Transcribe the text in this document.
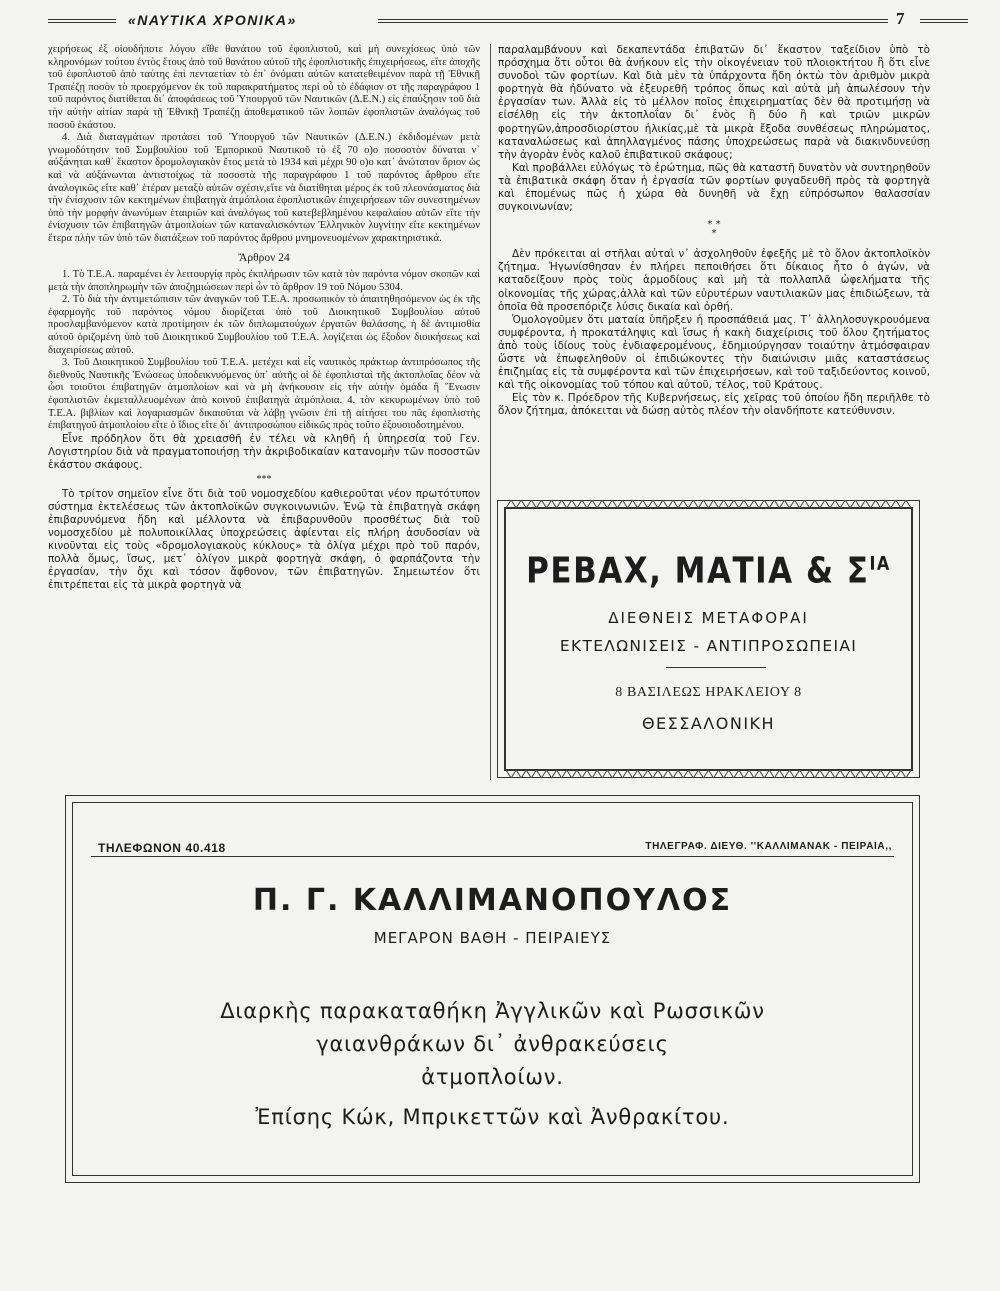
«ΝΑΥΤΙΚΑ ΧΡΟΝΙΚΑ»	7

χειρήσεως ἐξ οἱουδήποτε λόγου εἴθε θανάτου τοῦ ἐφοπλιστοῦ, καὶ μὴ συνεχίσεως ὑπὸ τῶν κληρονόμων τούτου ἐντὸς ἔτους ἀπὸ τοῦ θανάτου αὐτοῦ τῆς ἐφοπλιστικῆς ἐπιχειρήσεως, εἴτε ἀποχῆς τοῦ ἐφοπλιστοῦ ἀπὸ ταύτης ἐπὶ πενταετίαν τὸ ἐπ᾽ ὀνόματι αὐτῶν κατατεθειμένον παρὰ τῇ Ἐθνικῇ Τραπέζῃ ποσὸν τὸ προερχόμενον ἐκ τοῦ παρακρατήματος περὶ οὗ τὸ ἐδάφιον στ τῆς παραγράφου 1 τοῦ παρόντος διατίθεται δι᾽ ἀποφάσεως τοῦ Ὑπουργοῦ τῶν Ναυτικῶν (Δ.Ε.Ν.) εἰς ἐπαύξησιν τοῦ διὰ τὴν αὐτὴν αἰτίαν παρὰ τῇ Ἐθνικῇ Τραπέζῃ ἀποθεματικοῦ τῶν λοιπῶν ἐφοπλιστῶν ἀναλόγως τοῦ ποσοῦ ἑκάστου.

4. Διὰ διαταγμάτων προτάσει τοῦ Ὑπουργοῦ τῶν Ναυτικῶν (Δ.Ε.Ν.) ἐκδιδομένων μετὰ γνωμοδότησιν τοῦ Συμβουλίου τοῦ Ἐμπορικοῦ Ναυτικοῦ τὸ ἐξ 70 ο)ο ποσοστὸν δύναται ν᾽ αὐξάνηται καθ᾽ ἕκαστον δρομολογιακὸν ἔτος μετὰ τὸ 1934 καὶ μέχρι 90 ο)ο κατ᾽ ἀνώτατον ὅριον ὡς καὶ νὰ αὐξάνωνται ἀντιστοίχως τὰ ποσοστὰ τῆς παραγράφου 1 τοῦ παρόντος ἄρθρου εἴτε ἀναλογικῶς εἴτε καθ᾽ ἑτέραν μεταξὺ αὐτῶν σχέσιν,εἴτε νὰ διατίθηται μέρος ἐκ τοῦ πλεονάσματος διὰ τὴν ἐνίσχυσιν τῶν κεκτημένων ἐπιβατηγὰ ἀτμόπλοια ἐφοπλιστικῶν ἐπιχειρήσεων τῶν συνεστημένων ὑπὸ τὴν μορφὴν ἀνωνύμων ἑταιριῶν καὶ ἀναλόγως τοῦ κατεβεβλημένου κεφαλαίου αὐτῶν εἴτε τὴν ἐνίσχυσιν τῶν ἐπιβατηγῶν ἀτμοπλοίων τῶν καταναλισκόντων Ἑλληνικὸν λυγνίτην εἴτε κεκτημένων ἕτερα πλὴν τῶν ὑπὸ τῶν διατάξεων τοῦ παρόντος ἄρθρου μνημονευομένων χαρακτηριστικά.

Ἄρθρον 24

1. Τὸ Τ.Ε.Α. παραμένει ἐν λειτουργίᾳ πρὸς ἐκπλήρωσιν τῶν κατὰ τὸν παρόντα νόμον σκοπῶν καὶ μετὰ τὴν ἀποπληρωμὴν τῶν ἀποζημιώσεων περὶ ὧν τὸ ἄρθρον 19 τοῦ Νόμου 5304.

2. Τὸ διὰ τὴν ἀντιμετώπισιν τῶν ἀναγκῶν τοῦ Τ.Ε.Α. προσωπικὸν τὸ ἀπαιτηθησόμενον ὡς ἐκ τῆς ἐφαρμογῆς τοῦ παρόντος νόμου διορίζεται ὑπὸ τοῦ Διοικητικοῦ Συμβουλίου αὐτοῦ προσλαμβανόμενον κατὰ προτίμησιν ἐκ τῶν διπλωματούχων ἐργατῶν θαλάσσης, ἡ δὲ ἀντιμισθία αὐτοῦ ὁριζομένη ὑπὸ τοῦ Διοικητικοῦ Συμβουλίου τοῦ Τ.Ε.Α. λογίζεται ὡς ἔξοδον διοικήσεως καὶ διαχειρίσεως αὐτοῦ.

3. Τοῦ Διοικητικοῦ Συμβουλίου τοῦ Τ.Ε.Α. μετέχει καὶ εἷς ναυτικὸς πράκτωρ ἀντιπρόσωπος τῆς διεθνοῦς Ναυτικῆς Ἑνώσεως ὑποδεικνυόμενος ὑπ᾽ αὐτῆς οἱ δὲ ἐφοπλισταὶ τῆς ἀκτοπλοΐας δέον νὰ ὦσι τοιοῦτοι ἐπιβατηγῶν ἀτμοπλοίων καὶ νὰ μὴ ἀνήκουσιν εἰς τὴν αὐτὴν ὁμάδα ἢ Ἕνωσιν ἐφοπλιστῶν ἐκμεταλλευομένων ἀπὸ κοινοῦ ἐπιβατηγὰ ἀτμόπλοια. 4. τὸν κεκυρωμένων ὑπὸ τοῦ Τ.Ε.Α. βιβλίων καὶ λογαριασμῶν δικαιοῦται νὰ λάβῃ γνῶσιν ἐπὶ τῇ αἰτήσει του πᾶς ἐφοπλιστὴς ἐπιβατηγοῦ ἀτμοπλοίου εἴτε ὁ ἴδιος εἴτε δι᾽ ἀντιπροσώπου εἰδικῶς πρὸς τοῦτο ἐξουσιοδοτημένου.

Εἶνε πρόδηλον ὅτι θὰ χρειασθῆ ἐν τέλει νὰ κληθῆ ἡ ὑπηρεσία τοῦ Γεν. Λογιστηρίου διὰ νὰ πραγματοποιήσῃ τὴν ἀκριβοδικαίαν κατανομὴν τῶν ποσοστῶν ἑκάστου σκάφους.

***

Τὸ τρίτον σημεῖον εἶνε ὅτι διὰ τοῦ νομοσχεδίου καθιεροῦται νέον πρωτότυπον σύστημα ἐκτελέσεως τῶν ἀκτοπλοϊκῶν συγκοινωνιῶν. Ἐνῷ τὰ ἐπιβατηγὰ σκάφη ἐπιβαρυνόμενα ἤδη καὶ μέλλοντα νὰ ἐπιβαρυνθοῦν προσθέτως διὰ τοῦ νομοσχεδίου μὲ πολυποικίλλας ὑποχρεώσεις ἀφίενται εἰς πλήρη ἀσυδοσίαν νὰ κινοῦνται εἰς τοὺς «δρομολογιακοὺς κύκλους» τὰ ὀλίγα μέχρι πρὸ τοῦ παρόν, πολλὰ ὅμως, ἴσως, μετ᾽ ὀλίγον μικρὰ φορτηγὰ σκάφη, ὁ φαρπάζοντα τὴν ἐργασίαν, τὴν ὄχι καὶ τόσον ἄφθονον, τῶν ἐπιβατηγῶν. Σημειωτέον ὅτι ἐπιτρέπεται εἰς τὰ μικρὰ φορτηγὰ νὰ

παραλαμβάνουν καὶ δεκαπεντάδα ἐπιβατῶν δι᾽ ἕκαστον ταξείδιον ὑπὸ τὸ πρόσχημα ὅτι οὗτοι θὰ ἀνήκουν εἰς τὴν οἰκογένειαν τοῦ πλοιοκτήτου ἢ ὅτι εἶνε συνοδοὶ τῶν φορτίων. Καὶ διὰ μὲν τὰ ὑπάρχοντα ἤδη ὀκτὼ τὸν ἀριθμὸν μικρὰ φορτηγὰ θὰ ἠδύνατο νὰ ἐξευρεθῆ τρόπος ὅπως καὶ αὐτὰ μὴ ἀπωλέσουν τὴν ἐργασίαν των. Ἀλλὰ εἰς τὸ μέλλον ποῖος ἐπιχειρηματίας δὲν θὰ προτιμήσῃ νὰ εἰσέλθῃ εἰς τὴν ἀκτοπλοΐαν δι᾽ ἑνὸς ἢ δύο ἢ καὶ τριῶν μικρῶν φορτηγῶν,ἀπροσδιορίστου ἡλικίας,μὲ τὰ μικρὰ ἔξοδα συνθέσεως πληρώματος, καταναλώσεως καὶ ἀπηλλαγμένος πάσης ὑποχρεώσεως παρὰ νὰ διακινδυνεύσῃ τὴν ἀγορὰν ἑνὸς καλοῦ ἐπιβατικοῦ σκάφους;

Καὶ προβάλλει εὐλόγως τὸ ἐρώτημα, πῶς θὰ καταστῆ δυνατὸν νὰ συντηρηθοῦν τὰ ἐπιβατικὰ σκάφη ὅταν ἡ ἐργασία τῶν φορτίων φυγαδευθῆ πρὸς τὰ φορτηγὰ καὶ ἑπομένως πῶς ἡ χώρα θὰ δυνηθῆ νὰ ἔχῃ εὐπρόσωπον θαλασσίαν συγκοινωνίαν;

* *
*

Δὲν πρόκειται αἱ στῆλαι αὐταὶ ν᾽ ἀσχοληθοῦν ἐφεξῆς μὲ τὸ ὅλον ἀκτοπλοϊκὸν ζήτημα. Ἠγωνίσθησαν ἐν πλήρει πεποιθήσει ὅτι δίκαιος ἦτο ὁ ἀγών, νὰ καταδείξουν πρὸς τοὺς ἁρμοδίους καὶ μὴ τὰ πολλαπλᾶ ὠφελήματα τῆς οἰκονομίας τῆς χώρας,ἀλλὰ καὶ τῶν εὐρυτέρων ναυτιλιακῶν μας ἐπιδιώξεων, τὰ ὁποῖα θὰ προσεπόριζε λύσις δικαία καὶ ὀρθή.

Ὁμολογοῦμεν ὅτι ματαία ὑπῆρξεν ἡ προσπάθειά μας. Τ᾽ ἀλληλοσυγκρουόμενα συμφέροντα, ἡ προκατάληψις καὶ ἴσως ἡ κακὴ διαχείρισις τοῦ ὅλου ζητήματος ἀπὸ τοὺς ἰδίους τοὺς ἐνδιαφερομένους, ἐδημιούργησαν τοιαύτην ἀτμόσφαιραν ὥστε νὰ ἐπωφεληθοῦν οἱ ἐπιδιώκοντες τὴν διαιώνισιν μιᾶς καταστάσεως ἐπιζημίας εἰς τὰ συμφέροντα καὶ τῶν ἐπιχειρήσεων, καὶ τοῦ ταξιδεύοντος κοινοῦ, καὶ τῆς οἰκονομίας τοῦ τόπου καὶ αὐτοῦ, τέλος, τοῦ Κράτους.

Εἰς τὸν κ. Πρόεδρον τῆς Κυβερνήσεως, εἰς χεῖρας τοῦ ὁποίου ἤδη περιῆλθε τὸ ὅλον ζήτημα, ἀπόκειται νὰ δώσῃ αὐτὸς πλέον τὴν οἱανδήποτε κατεύθυνσιν.

ΡΕΒΑΧ, ΜΑΤΙΑ & $\Sigma^{IA}$
ΔΙΕΘΝΕΙΣ ΜΕΤΑΦΟΡΑΙ
ΕΚΤΕΛΩΝΙΣΕΙΣ - ΑΝΤΙΠΡΟΣΩΠΕΙΑΙ
8 ΒΑΣΙΛΕΩΣ ΗΡΑΚΛΕΙΟΥ 8
ΘΕΣΣΑΛΟΝΙΚΗ
ΤΗΛΕΦΩΝΟΝ 40.418	ΤΗΛΕΓΡΑΦ. ΔΙΕΥΘ. ''ΚΑΛΛΙΜΑΝΑΚ - ΠΕΙΡΑΙΑ,,
Π. Γ. ΚΑΛΛΙΜΑΝΟΠΟΥΛΟΣ
ΜΕΓΑΡΟΝ ΒΑΘΗ - ΠΕΙΡΑΙΕΥΣ
Διαρκὴς παρακαταθήκη Ἀγγλικῶν καὶ Ρωσσικῶν
γαιανθράκων δι᾽ ἀνθρακεύσεις
ἀτμοπλοίων.
Ἐπίσης Κώκ, Μπρικεττῶν καὶ Ἀνθρακίτου.
